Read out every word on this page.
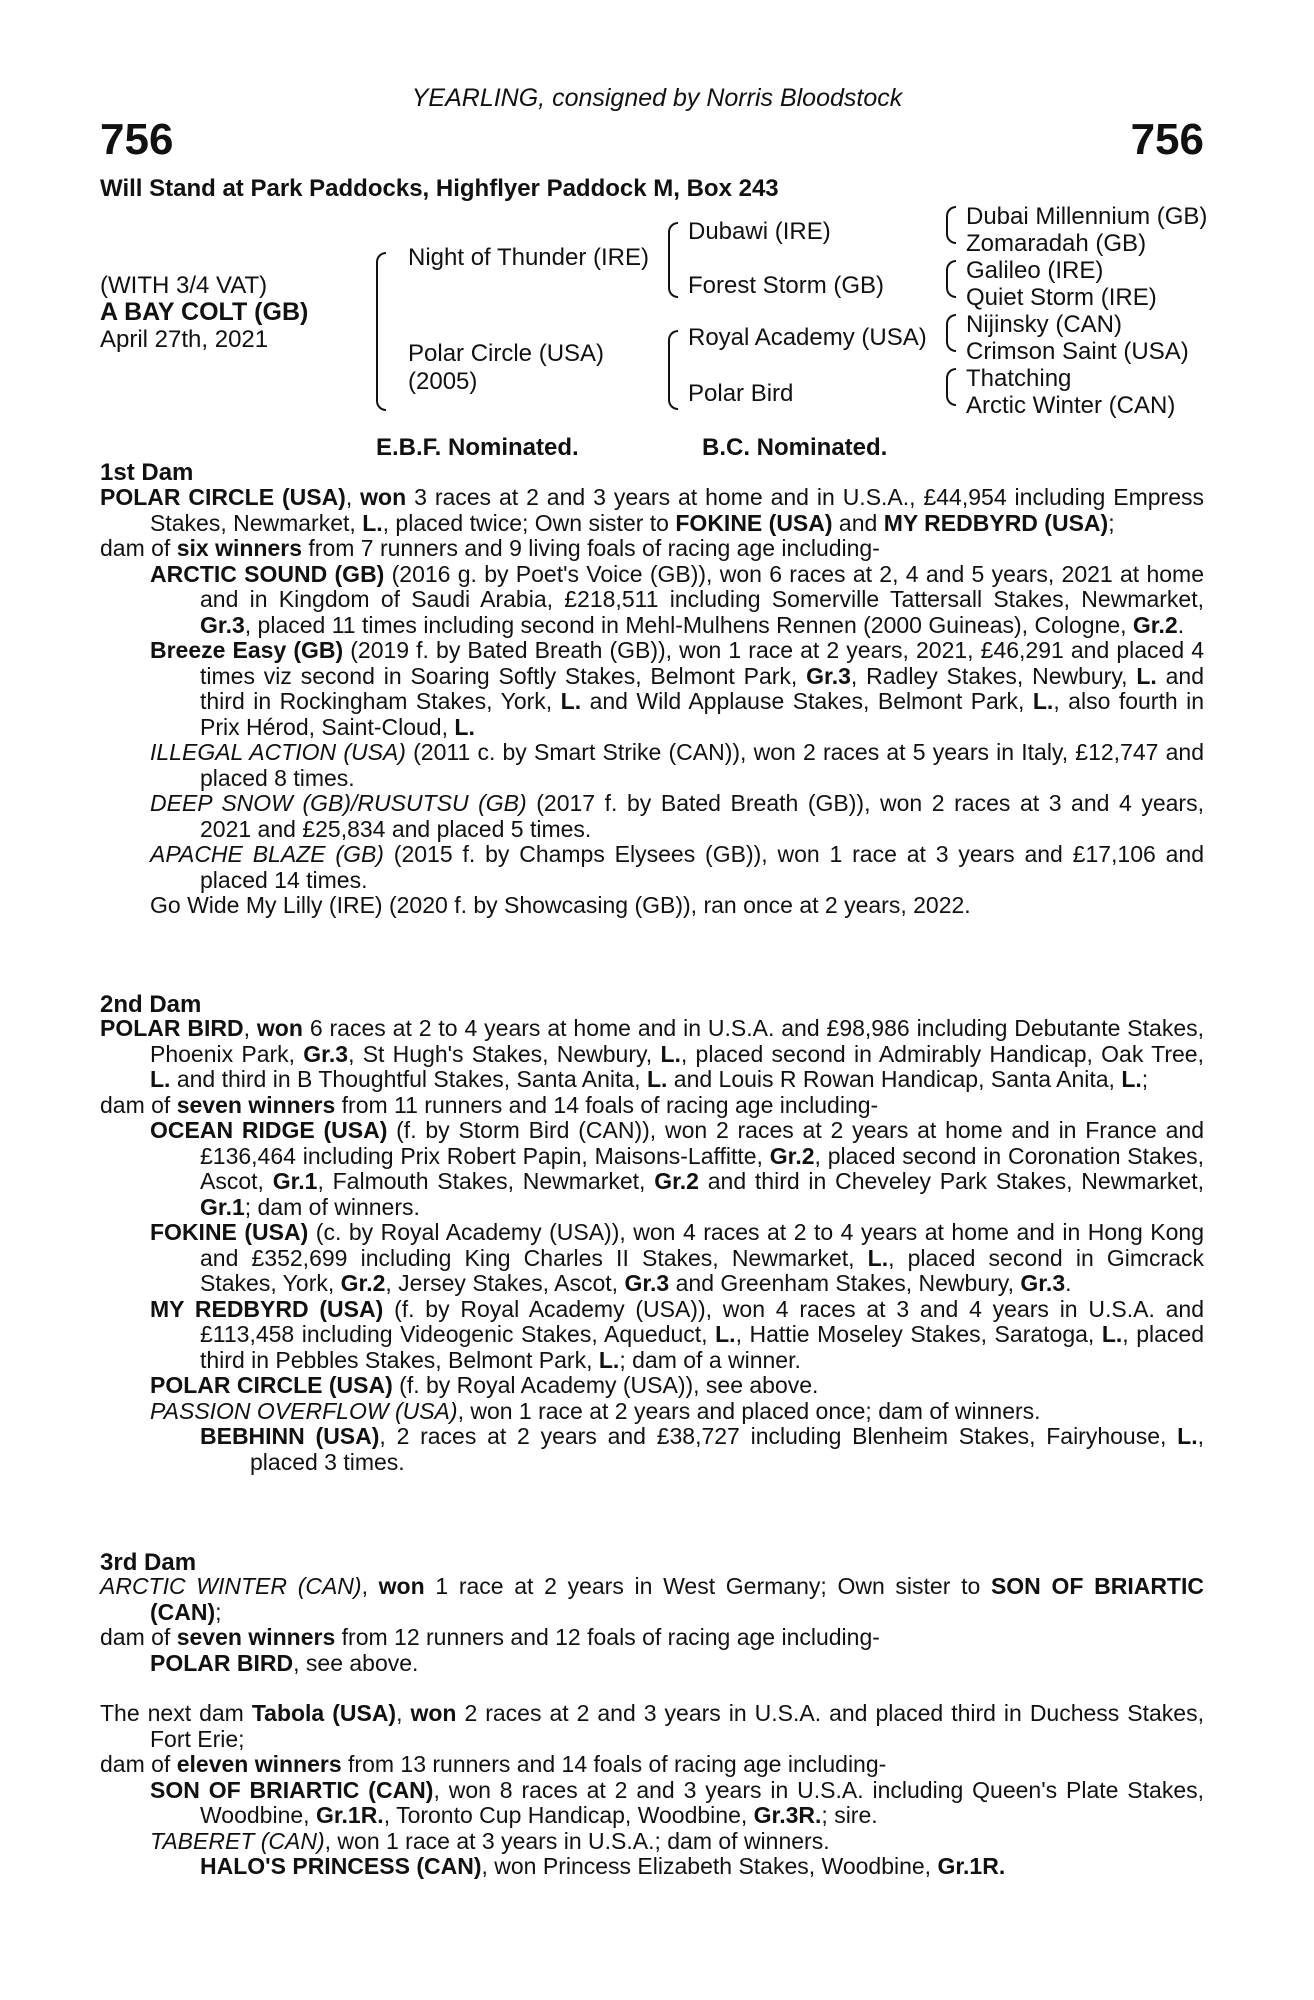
YEARLING, consigned by Norris Bloodstock
756	756
Will Stand at Park Paddocks, Highflyer Paddock M, Box 243
(WITH 3/4 VAT)
A BAY COLT (GB)
April 27th, 2021
Night of Thunder (IRE)
Polar Circle (USA)
(2005)
Dubawi (IRE)
Forest Storm (GB)
Royal Academy (USA)
Polar Bird
Dubai Millennium (GB)
Zomaradah (GB)
Galileo (IRE)
Quiet Storm (IRE)
Nijinsky (CAN)
Crimson Saint (USA)
Thatching
Arctic Winter (CAN)
E.B.F. Nominated.	B.C. Nominated.
1st Dam
POLAR CIRCLE (USA), won 3 races at 2 and 3 years at home and in U.S.A., £44,954 including Empress Stakes, Newmarket, L., placed twice; Own sister to FOKINE (USA) and MY REDBYRD (USA);
dam of six winners from 7 runners and 9 living foals of racing age including-
ARCTIC SOUND (GB) (2016 g. by Poet's Voice (GB)), won 6 races at 2, 4 and 5 years, 2021 at home and in Kingdom of Saudi Arabia, £218,511 including Somerville Tattersall Stakes, Newmarket, Gr.3, placed 11 times including second in Mehl-Mulhens Rennen (2000 Guineas), Cologne, Gr.2.
Breeze Easy (GB) (2019 f. by Bated Breath (GB)), won 1 race at 2 years, 2021, £46,291 and placed 4 times viz second in Soaring Softly Stakes, Belmont Park, Gr.3, Radley Stakes, Newbury, L. and third in Rockingham Stakes, York, L. and Wild Applause Stakes, Belmont Park, L., also fourth in Prix Hérod, Saint-Cloud, L.
ILLEGAL ACTION (USA) (2011 c. by Smart Strike (CAN)), won 2 races at 5 years in Italy, £12,747 and placed 8 times.
DEEP SNOW (GB)/RUSUTSU (GB) (2017 f. by Bated Breath (GB)), won 2 races at 3 and 4 years, 2021 and £25,834 and placed 5 times.
APACHE BLAZE (GB) (2015 f. by Champs Elysees (GB)), won 1 race at 3 years and £17,106 and placed 14 times.
Go Wide My Lilly (IRE) (2020 f. by Showcasing (GB)), ran once at 2 years, 2022.
2nd Dam
POLAR BIRD, won 6 races at 2 to 4 years at home and in U.S.A. and £98,986 including Debutante Stakes, Phoenix Park, Gr.3, St Hugh's Stakes, Newbury, L., placed second in Admirably Handicap, Oak Tree, L. and third in B Thoughtful Stakes, Santa Anita, L. and Louis R Rowan Handicap, Santa Anita, L.;
dam of seven winners from 11 runners and 14 foals of racing age including-
OCEAN RIDGE (USA) (f. by Storm Bird (CAN)), won 2 races at 2 years at home and in France and £136,464 including Prix Robert Papin, Maisons-Laffitte, Gr.2, placed second in Coronation Stakes, Ascot, Gr.1, Falmouth Stakes, Newmarket, Gr.2 and third in Cheveley Park Stakes, Newmarket, Gr.1; dam of winners.
FOKINE (USA) (c. by Royal Academy (USA)), won 4 races at 2 to 4 years at home and in Hong Kong and £352,699 including King Charles II Stakes, Newmarket, L., placed second in Gimcrack Stakes, York, Gr.2, Jersey Stakes, Ascot, Gr.3 and Greenham Stakes, Newbury, Gr.3.
MY REDBYRD (USA) (f. by Royal Academy (USA)), won 4 races at 3 and 4 years in U.S.A. and £113,458 including Videogenic Stakes, Aqueduct, L., Hattie Moseley Stakes, Saratoga, L., placed third in Pebbles Stakes, Belmont Park, L.; dam of a winner.
POLAR CIRCLE (USA) (f. by Royal Academy (USA)), see above.
PASSION OVERFLOW (USA), won 1 race at 2 years and placed once; dam of winners.
BEBHINN (USA), 2 races at 2 years and £38,727 including Blenheim Stakes, Fairyhouse, L., placed 3 times.
3rd Dam
ARCTIC WINTER (CAN), won 1 race at 2 years in West Germany; Own sister to SON OF BRIARTIC (CAN);
dam of seven winners from 12 runners and 12 foals of racing age including-
POLAR BIRD, see above.
The next dam Tabola (USA), won 2 races at 2 and 3 years in U.S.A. and placed third in Duchess Stakes, Fort Erie;
dam of eleven winners from 13 runners and 14 foals of racing age including-
SON OF BRIARTIC (CAN), won 8 races at 2 and 3 years in U.S.A. including Queen's Plate Stakes, Woodbine, Gr.1R., Toronto Cup Handicap, Woodbine, Gr.3R.; sire.
TABERET (CAN), won 1 race at 3 years in U.S.A.; dam of winners.
HALO'S PRINCESS (CAN), won Princess Elizabeth Stakes, Woodbine, Gr.1R.
